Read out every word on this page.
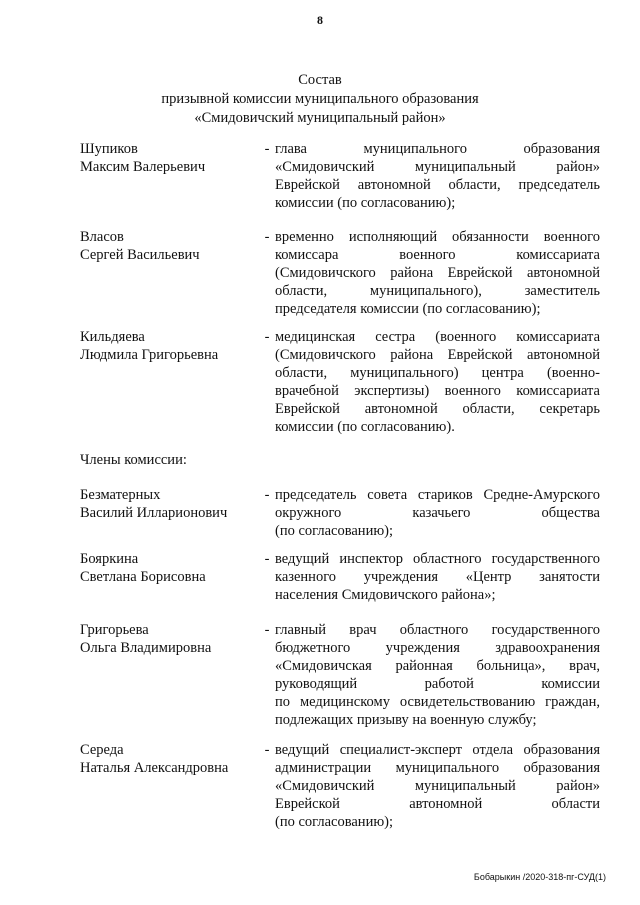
8
Состав
призывной комиссии муниципального образования
«Смидовичский муниципальный район»
Члены комиссии:
Шупиков
Максим Валерьевич
- глава муниципального образования
«Смидовичский муниципальный район»
Еврейской автономной области, председатель
комиссии (по согласованию);
Власов
Сергей Васильевич
- временно исполняющий обязанности военного
комиссара военного комиссариата
(Смидовичского района Еврейской автономной
области, муниципального), заместитель
председателя комиссии (по согласованию);
Кильдяева
Людмила Григорьевна
- медицинская сестра (военного комиссариата
(Смидовичского района Еврейской автономной
области, муниципального) центра (военно-
врачебной экспертизы) военного комиссариата
Еврейской автономной области, секретарь
комиссии (по согласованию).
Безматерных
Василий Илларионович
- председатель совета стариков Средне-Амурского
окружного казачьего общества
(по согласованию);
Бояркина
Светлана Борисовна
- ведущий инспектор областного государственного
казенного учреждения «Центр занятости
населения Смидовичского района»;
Григорьева
Ольга Владимировна
- главный врач областного государственного
бюджетного учреждения здравоохранения
«Смидовичская районная больница», врач,
руководящий работой комиссии
по медицинскому освидетельствованию граждан,
подлежащих призыву на военную службу;
Середа
Наталья Александровна
- ведущий специалист-эксперт отдела образования
администрации муниципального образования
«Смидовичский муниципальный район»
Еврейской автономной области
(по согласованию);
Бобарыкин /2020-318-пг-СУД(1)
